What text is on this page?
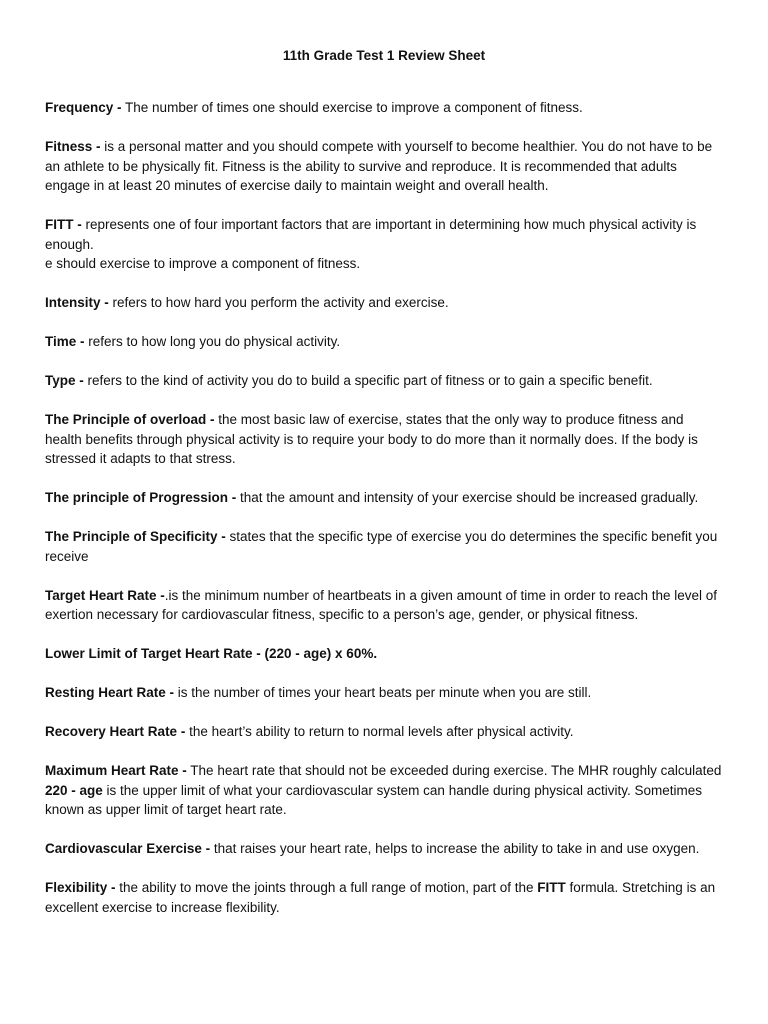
11th Grade Test 1 Review Sheet

Frequency - The number of times one should exercise to improve a component of fitness.

Fitness - is a personal matter and you should compete with yourself to become healthier. You do not have to be an athlete to be physically fit. Fitness is the ability to survive and reproduce. It is recommended that adults engage in at least 20 minutes of exercise daily to maintain weight and overall health.

FITT - represents one of four important factors that are important in determining how much physical activity is enough.
e should exercise to improve a component of fitness.

Intensity - refers to how hard you perform the activity and exercise.

Time - refers to how long you do physical activity.

Type - refers to the kind of activity you do to build a specific part of fitness or to gain a specific benefit.

The Principle of overload - the most basic law of exercise, states that the only way to produce fitness and health benefits through physical activity is to require your body to do more than it normally does. If the body is stressed it adapts to that stress.

The principle of Progression - that the amount and intensity of your exercise should be increased gradually.

The Principle of Specificity - states that the specific type of exercise you do determines the specific benefit you receive

Target Heart Rate -.is the minimum number of heartbeats in a given amount of time in order to reach the level of exertion necessary for cardiovascular fitness, specific to a person’s age, gender, or physical fitness.

Lower Limit of Target Heart Rate - (220 - age) x 60%.

Resting Heart Rate - is the number of times your heart beats per minute when you are still.

Recovery Heart Rate - the heart’s ability to return to normal levels after physical activity.

Maximum Heart Rate - The heart rate that should not be exceeded during exercise. The MHR roughly calculated 220 - age is the upper limit of what your cardiovascular system can handle during physical activity. Sometimes known as upper limit of target heart rate.

Cardiovascular Exercise - that raises your heart rate, helps to increase the ability to take in and use oxygen.

Flexibility - the ability to move the joints through a full range of motion, part of the FITT formula. Stretching is an excellent exercise to increase flexibility.
